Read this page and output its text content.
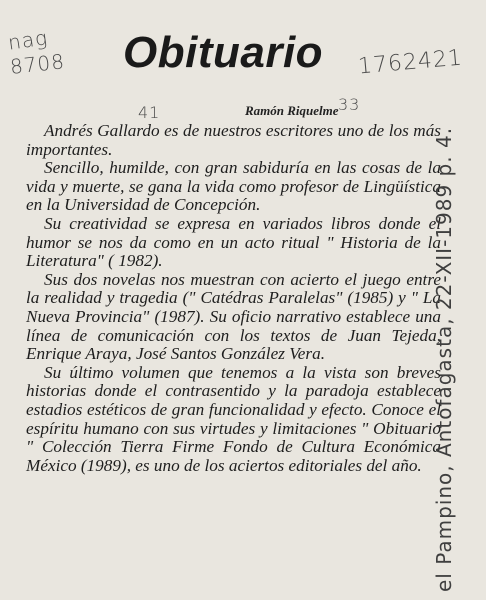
nag
8708	1762421
41	33
Obituario
Ramón Riquelme

Andrés Gallardo es de nuestros escritores uno de los más importantes.

Sencillo, humilde, con gran sabiduría en las cosas de la vida y muerte, se gana la vida como profesor de Lingüística en la Universidad de Concepción.

Su creatividad se expresa en variados libros donde el humor se nos da como en un acto ritual " Historia de la Literatura" ( 1982).

Sus dos novelas nos muestran con acierto el juego entre la realidad y tragedia (" Catédras Paralelas" (1985) y " La Nueva Provincia" (1987). Su oficio narrativo establece una línea de comunicación con los textos de Juan Tejeda, Enrique Araya, José Santos González Vera.

Su último volumen que tenemos a la vista son breves historias donde el contrasentido y la paradoja establece estadios estéticos de gran funcionalidad y efecto. Conoce el espíritu humano con sus virtudes y limitaciones " Obituario " Colección Tierra Firme Fondo de Cultura Económica México (1989), es uno de los aciertos editoriales del año. el Pampino, Antofagasta, 22-XII-1989 p. 4.
